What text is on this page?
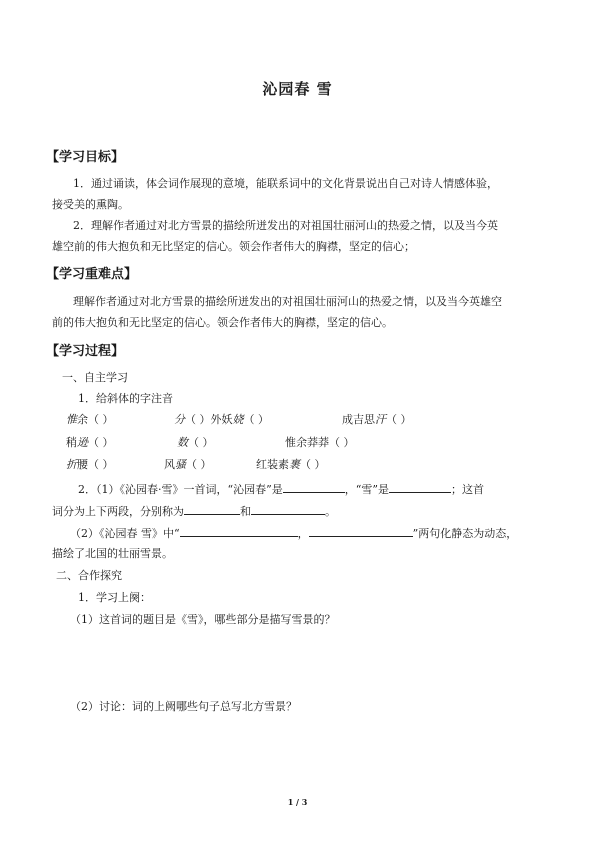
沁园春 雪
【学习目标】
1．通过诵读，体会词作展现的意境，能联系词中的文化背景说出自己对诗人情感体验，
接受美的熏陶。
2．理解作者通过对北方雪景的描绘所迸发出的对祖国壮丽河山的热爱之情，以及当今英
雄空前的伟大抱负和无比坚定的信心。领会作者伟大的胸襟，坚定的信心；
【学习重难点】
理解作者通过对北方雪景的描绘所迸发出的对祖国壮丽河山的热爱之情，以及当今英雄空
前的伟大抱负和无比坚定的信心。领会作者伟大的胸襟，坚定的信心。
【学习过程】
一、自主学习
1．给斜体的字注音
惟余（ ）	分（ ）外妖娆（ ）	成吉思汗（ ）
稍逊（ ）	数（ ）	惟余莽莽（ ）
折腰（ ）	风骚（ ）	红装素裹（ ）
2．（1）《沁园春·雪》一首词，“沁园春”是	，“雪”是	；这首
词分为上下两段，分别称为	和	。
（2）《沁园春 雪》中“	，	”两句化静态为动态，
描绘了北国的壮丽雪景。
二、合作探究
1．学习上阕：
（1）这首词的题目是《雪》，哪些部分是描写雪景的？
（2）讨论：词的上阙哪些句子总写北方雪景？
1 / 3
